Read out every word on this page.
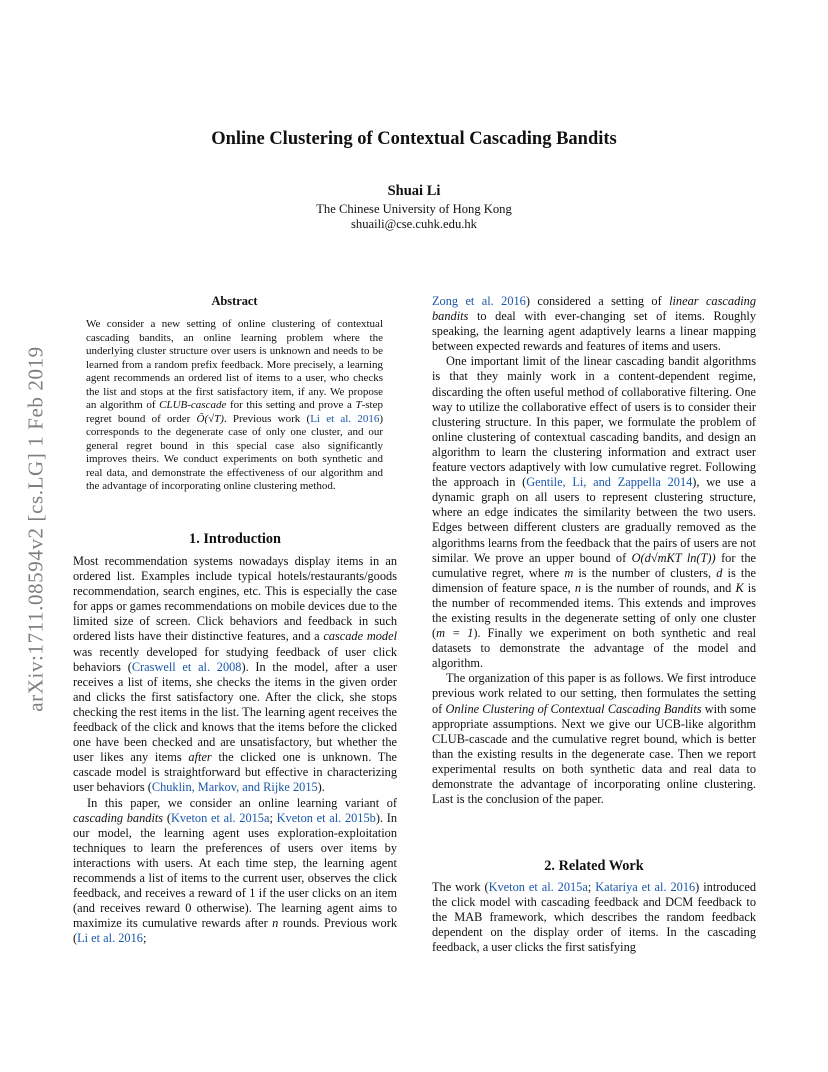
arXiv:1711.08594v2 [cs.LG] 1 Feb 2019
Online Clustering of Contextual Cascading Bandits
Shuai Li
The Chinese University of Hong Kong
shuaili@cse.cuhk.edu.hk
Abstract

We consider a new setting of online clustering of contextual cascading bandits, an online learning problem where the underlying cluster structure over users is unknown and needs to be learned from a random prefix feedback. More precisely, a learning agent recommends an ordered list of items to a user, who checks the list and stops at the first satisfactory item, if any. We propose an algorithm of CLUB-cascade for this setting and prove a T-step regret bound of order Õ(√T). Previous work (Li et al. 2016) corresponds to the degenerate case of only one cluster, and our general regret bound in this special case also significantly improves theirs. We conduct experiments on both synthetic and real data, and demonstrate the effectiveness of our algorithm and the advantage of incorporating online clustering method.

1. Introduction

Most recommendation systems nowadays display items in an ordered list. Examples include typical hotels/restaurants/goods recommendation, search engines, etc. This is especially the case for apps or games recommendations on mobile devices due to the limited size of screen. Click behaviors and feedback in such ordered lists have their distinctive features, and a cascade model was recently developed for studying feedback of user click behaviors (Craswell et al. 2008). In the model, after a user receives a list of items, she checks the items in the given order and clicks the first satisfactory one. After the click, she stops checking the rest items in the list. The learning agent receives the feedback of the click and knows that the items before the clicked one have been checked and are unsatisfactory, but whether the user likes any items after the clicked one is unknown. The cascade model is straightforward but effective in characterizing user behaviors (Chuklin, Markov, and Rijke 2015).

In this paper, we consider an online learning variant of cascading bandits (Kveton et al. 2015a; Kveton et al. 2015b). In our model, the learning agent uses exploration-exploitation techniques to learn the preferences of users over items by interactions with users. At each time step, the learning agent recommends a list of items to the current user, observes the click feedback, and receives a reward of 1 if the user clicks on an item (and receives reward 0 otherwise). The learning agent aims to maximize its cumulative rewards after n rounds. Previous work (Li et al. 2016;

Zong et al. 2016) considered a setting of linear cascading bandits to deal with ever-changing set of items. Roughly speaking, the learning agent adaptively learns a linear mapping between expected rewards and features of items and users.

One important limit of the linear cascading bandit algorithms is that they mainly work in a content-dependent regime, discarding the often useful method of collaborative filtering. One way to utilize the collaborative effect of users is to consider their clustering structure. In this paper, we formulate the problem of online clustering of contextual cascading bandits, and design an algorithm to learn the clustering information and extract user feature vectors adaptively with low cumulative regret. Following the approach in (Gentile, Li, and Zappella 2014), we use a dynamic graph on all users to represent clustering structure, where an edge indicates the similarity between the two users. Edges between different clusters are gradually removed as the algorithms learns from the feedback that the pairs of users are not similar. We prove an upper bound of O(d√mKT ln(T)) for the cumulative regret, where m is the number of clusters, d is the dimension of feature space, n is the number of rounds, and K is the number of recommended items. This extends and improves the existing results in the degenerate setting of only one cluster (m = 1). Finally we experiment on both synthetic and real datasets to demonstrate the advantage of the model and algorithm.

The organization of this paper is as follows. We first introduce previous work related to our setting, then formulates the setting of Online Clustering of Contextual Cascading Bandits with some appropriate assumptions. Next we give our UCB-like algorithm CLUB-cascade and the cumulative regret bound, which is better than the existing results in the degenerate case. Then we report experimental results on both synthetic data and real data to demonstrate the advantage of incorporating online clustering. Last is the conclusion of the paper.

2. Related Work

The work (Kveton et al. 2015a; Katariya et al. 2016) introduced the click model with cascading feedback and DCM feedback to the MAB framework, which describes the random feedback dependent on the display order of items. In the cascading feedback, a user clicks the first satisfying
